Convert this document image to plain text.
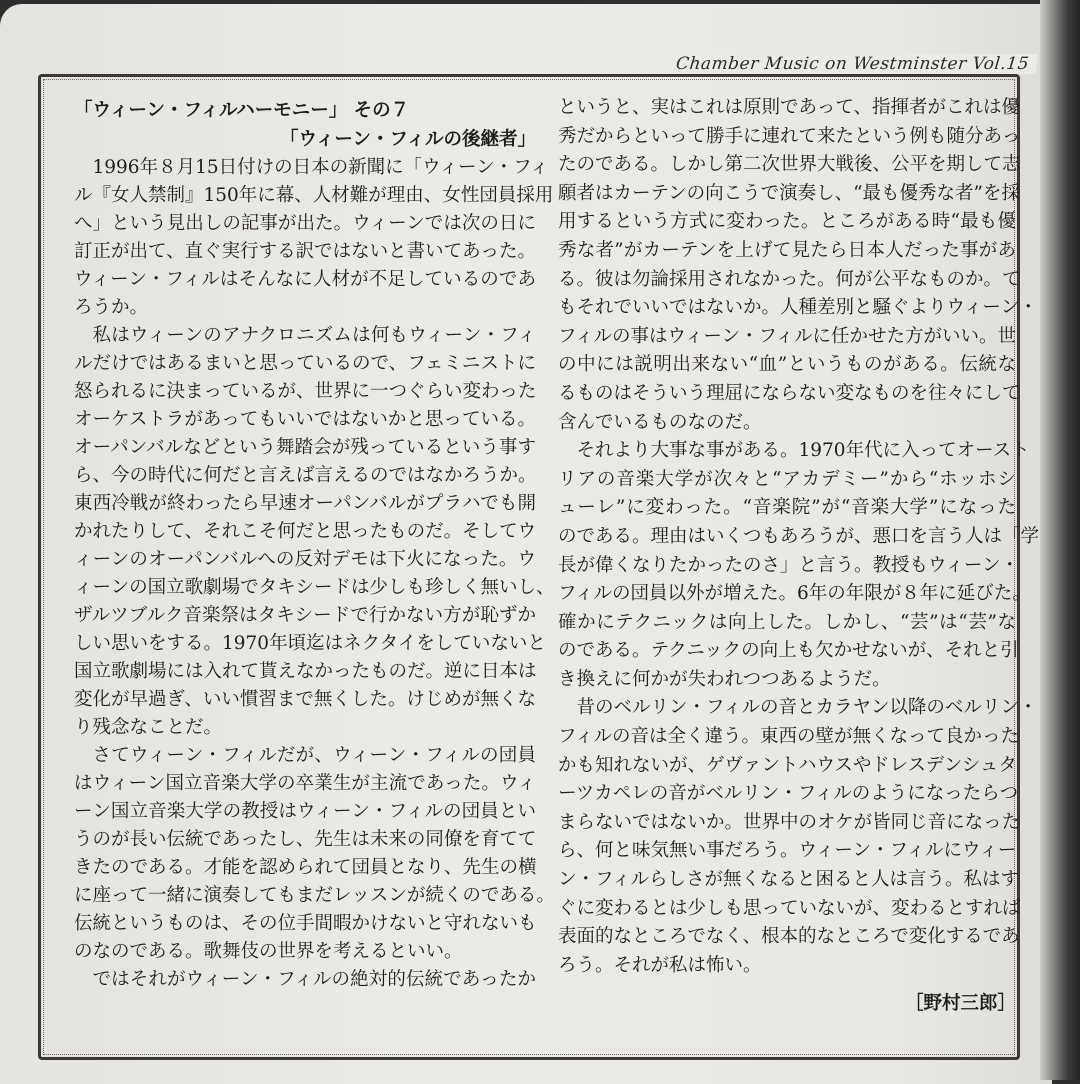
Chamber Music on Westminster Vol.15
「ウィーン・フィルハーモニー」 その７
「ウィーン・フィルの後継者」
1996年８月15日付けの日本の新聞に「ウィーン・フィ
ル『女人禁制』150年に幕、人材難が理由、女性団員採用
へ」という見出しの記事が出た。ウィーンでは次の日に
訂正が出て、直ぐ実行する訳ではないと書いてあった。
ウィーン・フィルはそんなに人材が不足しているのであ
ろうか。
私はウィーンのアナクロニズムは何もウィーン・フィ
ルだけではあるまいと思っているので、フェミニストに
怒られるに決まっているが、世界に一つぐらい変わった
オーケストラがあってもいいではないかと思っている。
オーパンバルなどという舞踏会が残っているという事す
ら、今の時代に何だと言えば言えるのではなかろうか。
東西冷戦が終わったら早速オーパンバルがプラハでも開
かれたりして、それこそ何だと思ったものだ。そしてウ
ィーンのオーパンバルへの反対デモは下火になった。ウ
ィーンの国立歌劇場でタキシードは少しも珍しく無いし、
ザルツブルク音楽祭はタキシードで行かない方が恥ずか
しい思いをする。1970年頃迄はネクタイをしていないと
国立歌劇場には入れて貰えなかったものだ。逆に日本は
変化が早過ぎ、いい慣習まで無くした。けじめが無くな
り残念なことだ。
さてウィーン・フィルだが、ウィーン・フィルの団員
はウィーン国立音楽大学の卒業生が主流であった。ウィ
ーン国立音楽大学の教授はウィーン・フィルの団員とい
うのが長い伝統であったし、先生は未来の同僚を育てて
きたのである。才能を認められて団員となり、先生の横
に座って一緒に演奏してもまだレッスンが続くのである。
伝統というものは、その位手間暇かけないと守れないも
のなのである。歌舞伎の世界を考えるといい。
ではそれがウィーン・フィルの絶対的伝統であったか
というと、実はこれは原則であって、指揮者がこれは優
秀だからといって勝手に連れて来たという例も随分あっ
たのである。しかし第二次世界大戦後、公平を期して志
願者はカーテンの向こうで演奏し、“最も優秀な者”を採
用するという方式に変わった。ところがある時“最も優
秀な者”がカーテンを上げて見たら日本人だった事があ
る。彼は勿論採用されなかった。何が公平なものか。て
もそれでいいではないか。人種差別と騒ぐよりウィーン・
フィルの事はウィーン・フィルに任かせた方がいい。世
の中には説明出来ない“血”というものがある。伝統な
るものはそういう理屈にならない変なものを往々にして
含んでいるものなのだ。
それより大事な事がある。1970年代に入ってオースト
リアの音楽大学が次々と“アカデミー”から“ホッホシ
ューレ”に変わった。“音楽院”が“音楽大学”になった
のである。理由はいくつもあろうが、悪口を言う人は「学
長が偉くなりたかったのさ」と言う。教授もウィーン・
フィルの団員以外が増えた。6年の年限が８年に延びた。
確かにテクニックは向上した。しかし、“芸”は“芸”な
のである。テクニックの向上も欠かせないが、それと引
き換えに何かが失われつつあるようだ。
昔のベルリン・フィルの音とカラヤン以降のベルリン・
フィルの音は全く違う。東西の壁が無くなって良かった
かも知れないが、ゲヴァントハウスやドレスデンシュタ
ーツカペレの音がベルリン・フィルのようになったらつ
まらないではないか。世界中のオケが皆同じ音になった
ら、何と味気無い事だろう。ウィーン・フィルにウィー
ン・フィルらしさが無くなると困ると人は言う。私はす
ぐに変わるとは少しも思っていないが、変わるとすれば
表面的なところでなく、根本的なところで変化するであ
ろう。それが私は怖い。
［野村三郎］
